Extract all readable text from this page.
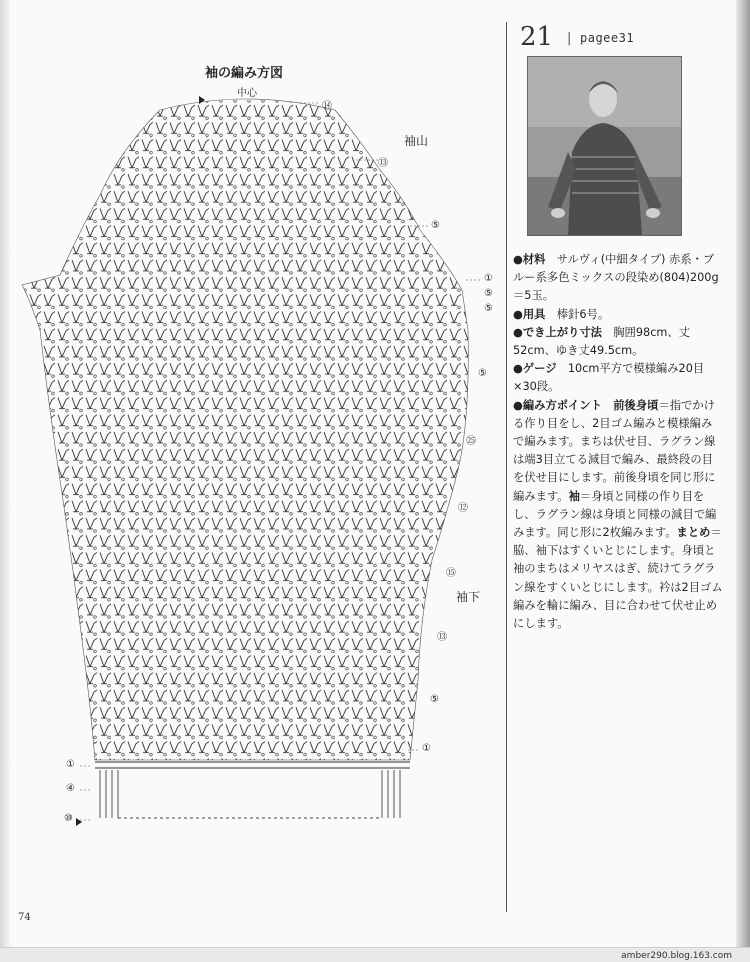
袖の編み方図
中心
袖山
袖下
⑭
⑬
⑤
①
⑤
⑤
⑤
㉕
⑫
⑮
⑬
⑤
①
①
④
⑩
74
21 | pagee31

●材料　 サルヴィ(中細タイプ) 赤系・ブルー系多色ミックスの段染め(804)200g＝5玉。

●用具　 棒針6号。

●でき上がり寸法　 胸囲98cm、丈52cm、ゆき丈49.5cm。

●ゲージ　 10cm平方で模様編み20目×30段。

●編み方ポイント　 前後身頃＝指でかける作り目をし、2目ゴム編みと模様編みで編みます。まちは伏せ目、ラグラン線は端3目立てる減目で編み、最終段の目を伏せ目にします。前後身頃を同じ形に編みます。袖＝身頃と同様の作り目をし、ラグラン線は身頃と同様の減目で編みます。同じ形に2枚編みます。まとめ＝脇、袖下はすくいとじにします。身頃と袖のまちはメリヤスはぎ、続けてラグラン線をすくいとじにします。衿は2目ゴム編みを輪に編み、目に合わせて伏せ止めにします。

amber290.blog.163.com
